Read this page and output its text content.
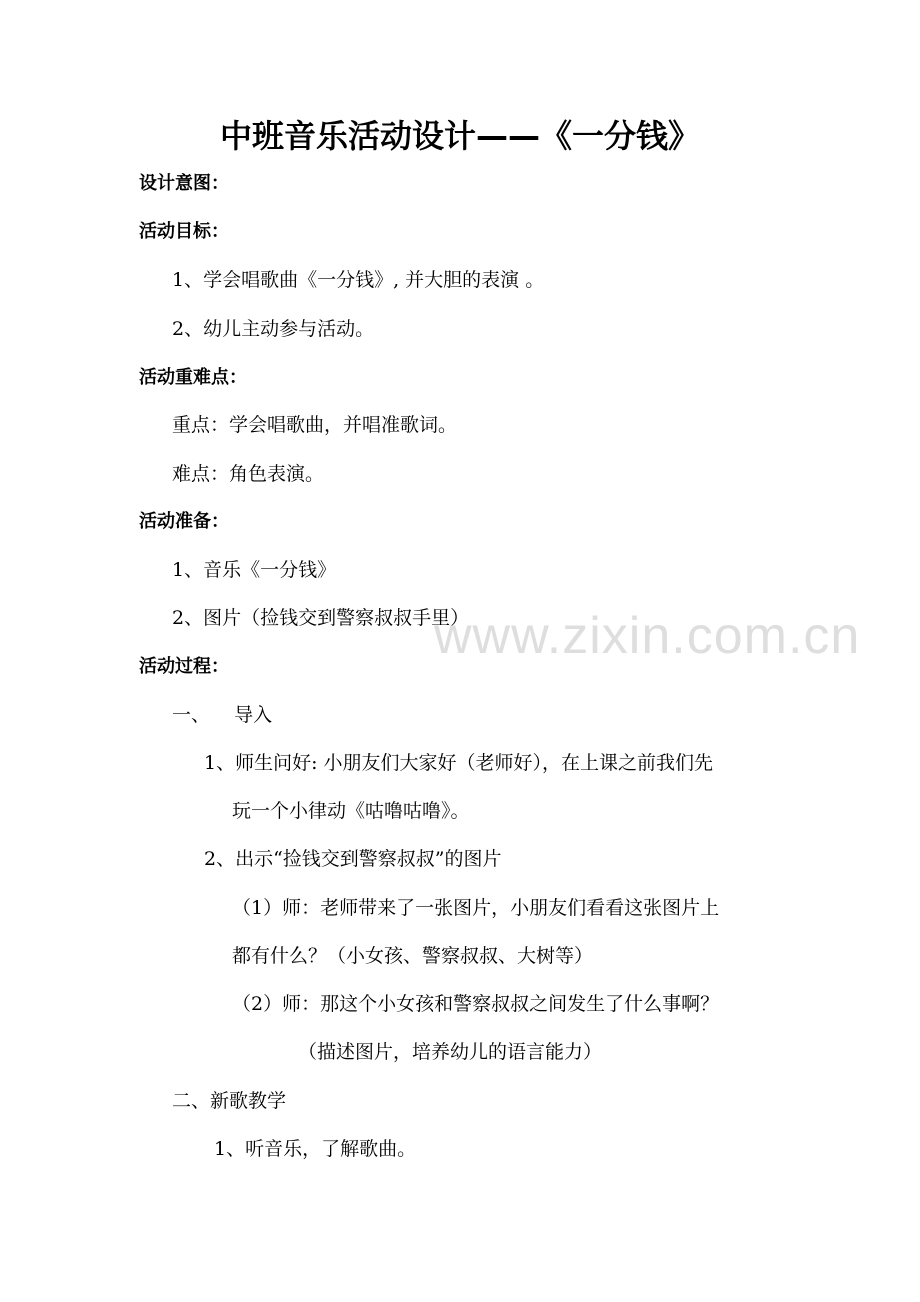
www.zixin.com.cn
中班音乐活动设计——《一分钱》
设计意图：
活动目标：
1、学会唱歌曲《一分钱》, 并大胆的表演 。
2、幼儿主动参与活动。
活动重难点：
重点：学会唱歌曲，并唱准歌词。
难点：角色表演。
活动准备：
1、音乐《一分钱》
2、图片（捡钱交到警察叔叔手里）
活动过程：
一、    导入
1、师生问好: 小朋友们大家好（老师好），在上课之前我们先
玩一个小律动《咕噜咕噜》。
2、出示“捡钱交到警察叔叔”的图片
（1）师：老师带来了一张图片，小朋友们看看这张图片上
都有什么？（小女孩、警察叔叔、大树等）
（2）师：那这个小女孩和警察叔叔之间发生了什么事啊？
（描述图片，培养幼儿的语言能力）
二、新歌教学
1、听音乐，了解歌曲。
